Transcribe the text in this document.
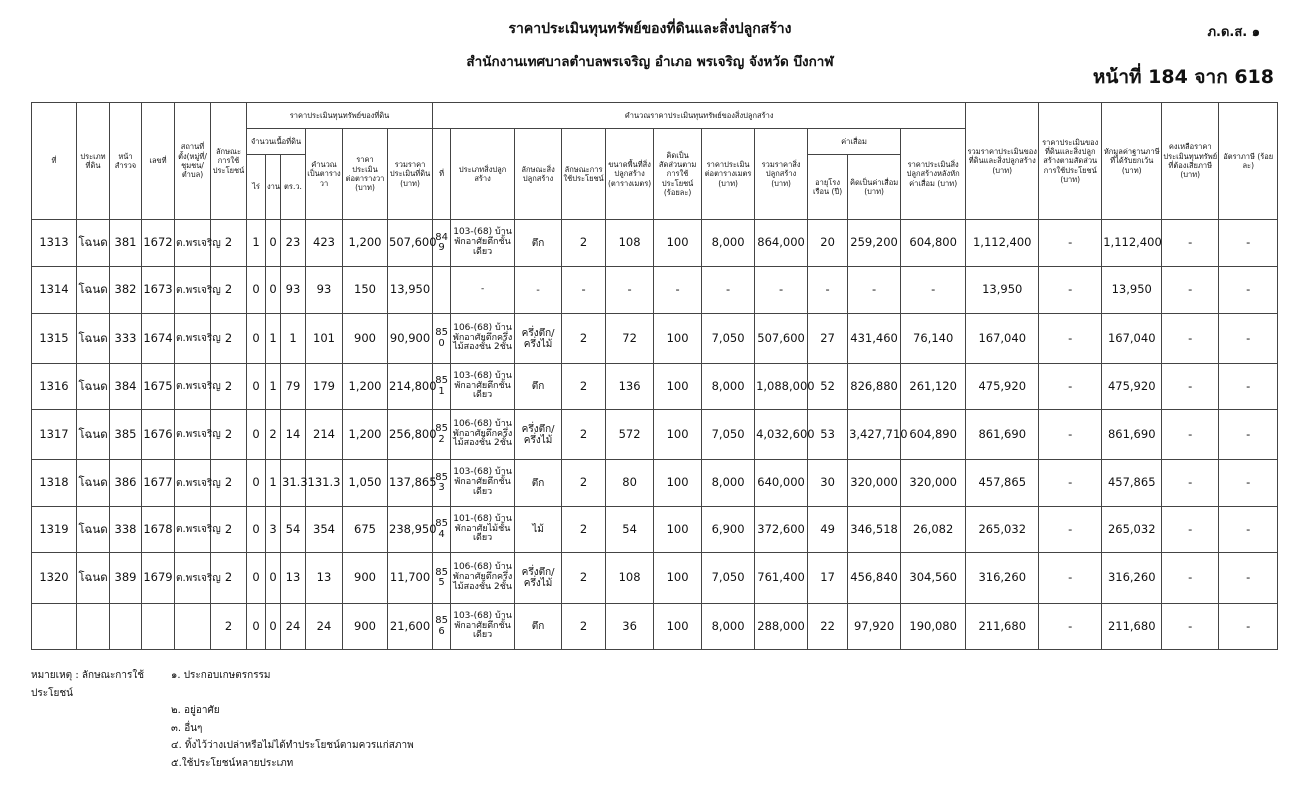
ราคาประเมินทุนทรัพย์ของที่ดินและสิ่งปลูกสร้าง
สำนักงานเทศบาลตำบลพรเจริญ อำเภอ พรเจริญ จังหวัด บึงกาฬ
ภ.ด.ส. ๑
หน้าที่ 184 จาก 618
ที่	ประเภทที่ดิน	หน้าสำรวจ	เลขที่	สถานที่ตั้ง(หมู่ที่/ชุมชน/ตำบล)	ลักษณะการใช้ประโยชน์	ราคาประเมินทุนทรัพย์ของที่ดิน						คำนวณราคาประเมินทุนทรัพย์ของสิ่งปลูกสร้าง											รวมราคาประเมินของที่ดินและสิ่งปลูกสร้าง (บาท)	ราคาประเมินของที่ดินและสิ่งปลูกสร้างตามสัดส่วนการใช้ประโยชน์ (บาท)	หักมูลค่าฐานภาษีที่ได้รับยกเว้น (บาท)	คงเหลือราคาประเมินทุนทรัพย์ที่ต้องเสียภาษี (บาท)	อัตราภาษี (ร้อยละ)
						จำนวนเนื้อที่ดิน			คำนวณเป็นตารางวา	ราคาประเมินต่อตารางวา (บาท)	รวมราคาประเมินที่ดิน (บาท)	ที่	ประเภทสิ่งปลูกสร้าง	ลักษณะสิ่งปลูกสร้าง	ลักษณะการใช้ประโยชน์	ขนาดพื้นที่สิ่งปลูกสร้าง (ตารางเมตร)	คิดเป็นสัดส่วนตามการใช้ประโยชน์ (ร้อยละ)	ราคาประเมินต่อตารางเมตร (บาท)	รวมราคาสิ่งปลูกสร้าง (บาท)	ค่าเสื่อม		ราคาประเมินสิ่งปลูกสร้างหลังหักค่าเสื่อม (บาท)					
						ไร่	งาน	ตร.ว.												อายุโรงเรือน (ปี)	คิดเป็นค่าเสื่อม (บาท)						
1313	โฉนด	381	1672	ต.พรเจริญ	2	1	0	23	423	1,200	507,600	849	103-(68) บ้านพักอาศัยตึกชั้นเดียว	ตึก	2	108	100	8,000	864,000	20	259,200	604,800	1,112,400	-	1,112,400	-	-
1314	โฉนด	382	1673	ต.พรเจริญ	2	0	0	93	93	150	13,950		-	-	-	-	-	-	-	-	-	-	13,950	-	13,950	-	-
1315	โฉนด	333	1674	ต.พรเจริญ	2	0	1	1	101	900	90,900	850	106-(68) บ้านพักอาศัยตึกครึ่งไม้สองชั้น 2ชั้น	ครึ่งตึก/ครึ่งไม้	2	72	100	7,050	507,600	27	431,460	76,140	167,040	-	167,040	-	-
1316	โฉนด	384	1675	ต.พรเจริญ	2	0	1	79	179	1,200	214,800	851	103-(68) บ้านพักอาศัยตึกชั้นเดียว	ตึก	2	136	100	8,000	1,088,000	52	826,880	261,120	475,920	-	475,920	-	-
1317	โฉนด	385	1676	ต.พรเจริญ	2	0	2	14	214	1,200	256,800	852	106-(68) บ้านพักอาศัยตึกครึ่งไม้สองชั้น 2ชั้น	ครึ่งตึก/ครึ่งไม้	2	572	100	7,050	4,032,600	53	3,427,710	604,890	861,690	-	861,690	-	-
1318	โฉนด	386	1677	ต.พรเจริญ	2	0	1	31.3	131.3	1,050	137,865	853	103-(68) บ้านพักอาศัยตึกชั้นเดียว	ตึก	2	80	100	8,000	640,000	30	320,000	320,000	457,865	-	457,865	-	-
1319	โฉนด	338	1678	ต.พรเจริญ	2	0	3	54	354	675	238,950	854	101-(68) บ้านพักอาศัยไม้ชั้นเดียว	ไม้	2	54	100	6,900	372,600	49	346,518	26,082	265,032	-	265,032	-	-
1320	โฉนด	389	1679	ต.พรเจริญ	2	0	0	13	13	900	11,700	855	106-(68) บ้านพักอาศัยตึกครึ่งไม้สองชั้น 2ชั้น	ครึ่งตึก/ครึ่งไม้	2	108	100	7,050	761,400	17	456,840	304,560	316,260	-	316,260	-	-
					2	0	0	24	24	900	21,600	856	103-(68) บ้านพักอาศัยตึกชั้นเดียว	ตึก	2	36	100	8,000	288,000	22	97,920	190,080	211,680	-	211,680	-	-
หมายเหตุ : ลักษณะการใช้ประโยชน์
๑. ประกอบเกษตรกรรม
๒. อยู่อาศัย
๓. อื่นๆ
๔. ทิ้งไว้ว่างเปล่าหรือไม่ได้ทำประโยชน์ตามควรแก่สภาพ
๕.ใช้ประโยชน์หลายประเภท
